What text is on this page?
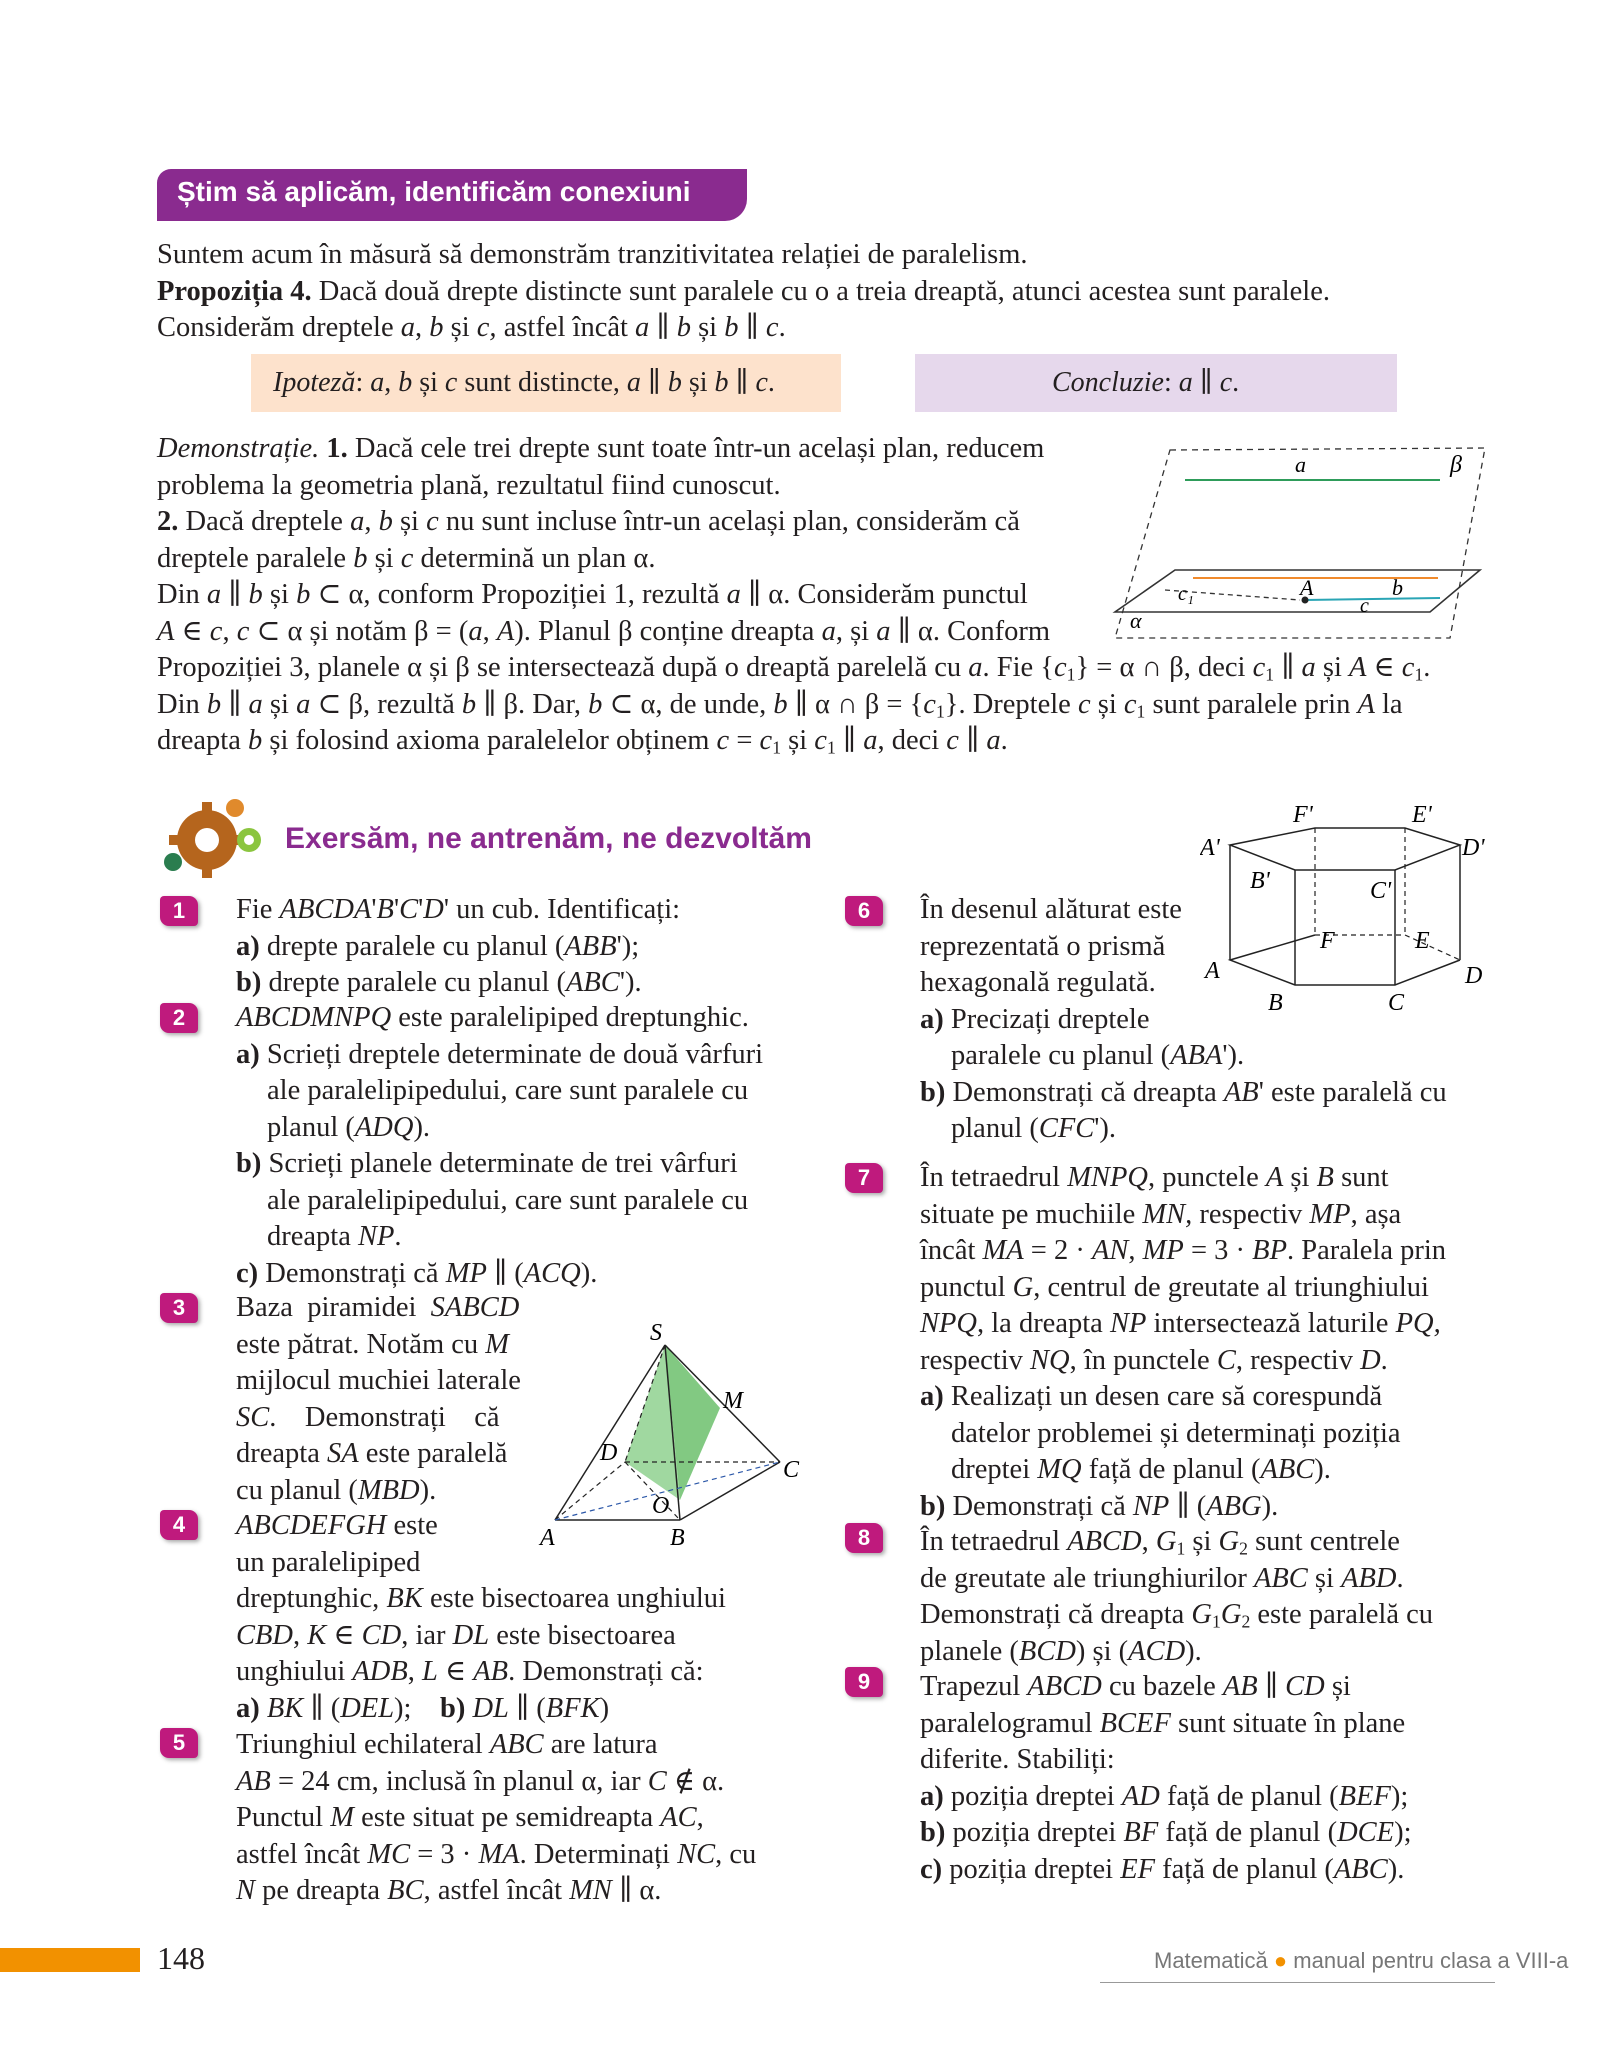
Știm să aplicăm, identificăm conexiuni
Suntem acum în măsură să demonstrăm tranzitivitatea relației de paralelism.
Propoziția 4. Dacă două drepte distincte sunt paralele cu o a treia dreaptă, atunci acestea sunt paralele.
Considerăm dreptele a, b și c, astfel încât a ∥ b și b ∥ c.
Ipoteză: a, b și c sunt distincte, a ∥ b și b ∥ c.	Concluzie: a ∥ c.
Demonstrație. 1. Dacă cele trei drepte sunt toate într-un același plan, reducem
problema la geometria plană, rezultatul fiind cunoscut.
2. Dacă dreptele a, b și c nu sunt incluse într-un același plan, considerăm că
dreptele paralele b și c determină un plan α.
Din a ∥ b și b ⊂ α, conform Propoziției 1, rezultă a ∥ α. Considerăm punctul
A ∈ c, c ⊂ α și notăm β = (a, A). Planul β conține dreapta a, și a ∥ α. Conform
Propoziției 3, planele α și β se intersectează după o dreaptă parelelă cu a. Fie $\{c_1\} = \alpha$ ∩ β, deci $c_1$ ∥ a și A ∈ $c_1$.
Din b ∥ a și a ⊂ β, rezultă b ∥ β. Dar, b ⊂ α, de unde, b ∥ α ∩ $\beta = \{c_1\}$. Dreptele c și $c_1$ sunt paralele prin A la
dreapta b și folosind axioma paralelelor obținem $c = c_1$ și $c_1$ ∥ a, deci c ∥ a.
a	β
b
c₁	A
c
α
Exersăm, ne antrenăm, ne dezvoltăm
1
2
3
4
5
6
7
8
9
Fie ABCDA'B'C'D' un cub. Identificați:
a) drepte paralele cu planul (ABB');
b) drepte paralele cu planul (ABC').
ABCDMNPQ este paralelipiped dreptunghic.
a) Scrieți dreptele determinate de două vârfuri
ale paralelipipedului, care sunt paralele cu
planul (ADQ).
b) Scrieți planele determinate de trei vârfuri
ale paralelipipedului, care sunt paralele cu
dreapta NP.
c) Demonstrați că MP ∥ (ACQ).
Baza  piramidei  SABCD
este pătrat. Notăm cu M
mijlocul muchiei laterale
SC.    Demonstrați    că
dreapta SA este paralelă
cu planul (MBD).
ABCDEFGH este
un paralelipiped
dreptunghic, BK este bisectoarea unghiului
CBD, K ∈ CD, iar DL este bisectoarea
unghiului ADB, L ∈ AB. Demonstrați că:
a) BK ∥ (DEL);    b) DL ∥ (BFK)
Triunghiul echilateral ABC are latura
AB = 24 cm, inclusă în planul α, iar C ∉ α.
Punctul M este situat pe semidreapta AC,
astfel încât MC = 3 · MA. Determinați NC, cu
N pe dreapta BC, astfel încât MN ∥ α.
S
M
D
C
O
A	B
În desenul alăturat este
reprezentată o prismă
hexagonală regulată.
a) Precizați dreptele
paralele cu planul (ABA').
b) Demonstrați că dreapta AB' este paralelă cu
planul (CFC').
F'	E'
A'	D'
B'	C'
F	E
A	D
B	C
În tetraedrul MNPQ, punctele A și B sunt
situate pe muchiile MN, respectiv MP, așa
încât MA = 2 · AN, MP = 3 · BP. Paralela prin
punctul G, centrul de greutate al triunghiului
NPQ, la dreapta NP intersectează laturile PQ,
respectiv NQ, în punctele C, respectiv D.
a) Realizați un desen care să corespundă
datelor problemei și determinați poziția
dreptei MQ față de planul (ABC).
b) Demonstrați că NP ∥ (ABG).
În tetraedrul ABCD, $G_1$ și $G_2$ sunt centrele
de greutate ale triunghiurilor ABC și ABD.
Demonstrați că dreapta $G_1G_2$ este paralelă cu
planele (BCD) și (ACD).
Trapezul ABCD cu bazele AB ∥ CD și
paralelogramul BCEF sunt situate în plane
diferite. Stabiliți:
a) poziția dreptei AD față de planul (BEF);
b) poziția dreptei BF față de planul (DCE);
c) poziția dreptei EF față de planul (ABC).
148	Matematică ● manual pentru clasa a VIII-a
